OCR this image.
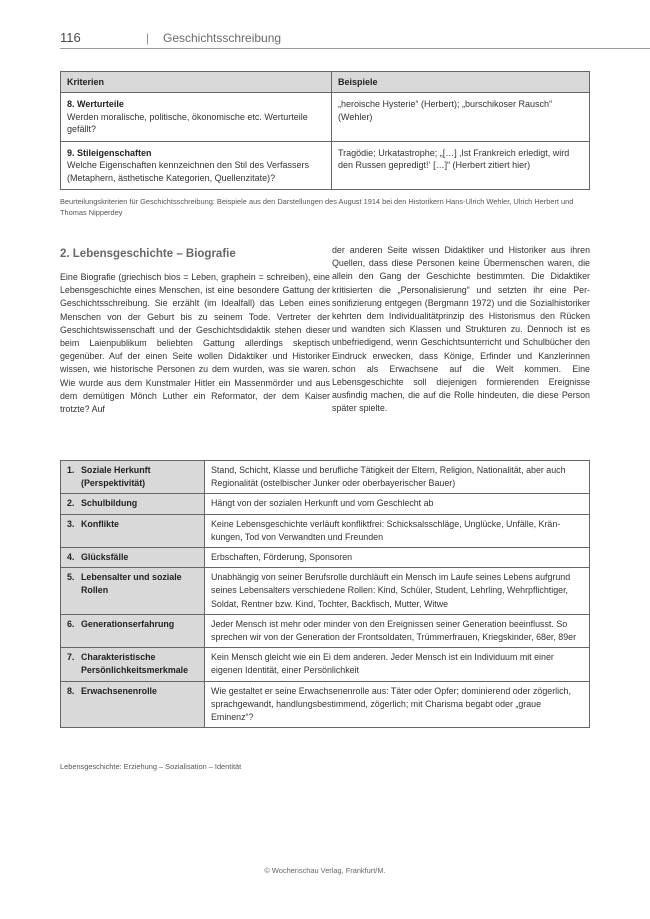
116	| Geschichtsschreibung
Kriterien	Beispiele
8. Werturteile
Werden moralische, politische, ökonomische etc. Werturteile gefällt?	„heroische Hysterie“ (Herbert); „burschikoser Rausch“ (Wehler)
9. Stileigenschaften
Welche Eigenschaften kennzeichnen den Stil des Verfassers (Metaphern, ästhetische Kategorien, Quellenzitate)?	Tragödie; Urkatastrophe; „[…] ‚Ist Frankreich erledigt, wird den Russen gepredigt!‘ […]“ (Herbert zitiert hier)
Beurteilungskriterien für Geschichtsschreibung: Beispiele aus den Darstellungen des August 1914 bei den Historikern Hans-Ulrich Wehler, Ulrich Herbert und Thomas Nipperdey
2. Lebensgeschichte – Biografie
Eine Biografie (griechisch bios = Leben, graphein = schreiben), eine Lebensgeschichte eines Menschen, ist eine besondere Gattung der Geschichtsschreibung. Sie erzählt (im Idealfall) das Leben eines Menschen von der Geburt bis zu seinem Tode. Vertreter der Geschichtswissenschaft und der Geschichtsdidaktik stehen dieser beim Laienpublikum beliebten Gattung allerdings skeptisch gegenüber. Auf der einen Seite wollen Didaktiker und Historiker wissen, wie historische Personen zu dem wurden, was sie waren. Wie wurde aus dem Kunstmaler Hitler ein Massenmörder und aus dem demütigen Mönch Luther ein Reformator, der dem Kaiser trotzte? Auf
der anderen Seite wissen Didaktiker und Historiker aus ihren Quellen, dass diese Personen keine Übermenschen waren, die allein den Gang der Geschichte bestimmten. Die Didaktiker kritisierten die „Personalisierung“ und setzten ihr eine Personifizierung entgegen (Bergmann 1972) und die Sozialhistoriker kehrten dem Individualitätprinzip des Historismus den Rücken und wandten sich Klassen und Strukturen zu. Dennoch ist es unbefriedigend, wenn Geschichtsunterricht und Schulbücher den Eindruck erwecken, dass Könige, Erfinder und Kanzlerinnen schon als Erwachsene auf die Welt kommen. Eine Lebensgeschichte soll diejenigen formierenden Ereignisse ausfindig machen, die auf die Rolle hindeuten, die diese Person später spielte.
1. Soziale Herkunft
(Perspektivität)	Stand, Schicht, Klasse und berufliche Tätigkeit der Eltern, Religion, Nationalität, aber auch Regionalität (ostelbischer Junker oder oberbayerischer Bauer)
2. Schulbildung	Hängt von der sozialen Herkunft und vom Geschlecht ab
3. Konflikte	Keine Lebensgeschichte verläuft konfliktfrei: Schicksalsschläge, Unglücke, Unfälle, Kränkungen, Tod von Verwandten und Freunden
4. Glücksfälle	Erbschaften, Förderung, Sponsoren
5. Lebensalter und soziale
Rollen	Unabhängig von seiner Berufsrolle durchläuft ein Mensch im Laufe seines Lebens aufgrund seines Lebensalters verschiedene Rollen: Kind, Schüler, Student, Lehrling, Wehrpflichtiger, Soldat, Rentner bzw. Kind, Tochter, Backfisch, Mutter, Witwe
6. Generationserfahrung	Jeder Mensch ist mehr oder minder von den Ereignissen seiner Generation beeinflusst. So sprechen wir von der Generation der Frontsoldaten, Trümmerfrauen, Kriegskinder, 68er, 89er
7. Charakteristische
Persönlichkeitsmerkmale	Kein Mensch gleicht wie ein Ei dem anderen. Jeder Mensch ist ein Individuum mit einer eigenen Identität, einer Persönlichkeit
8. Erwachsenenrolle	Wie gestaltet er seine Erwachsenenrolle aus: Täter oder Opfer; dominierend oder zögerlich, sprachgewandt, handlungsbestimmend, zögerlich; mit Charisma begabt oder „graue Eminenz“?
Lebensgeschichte: Erziehung – Sozialisation – Identität
© Wochenschau Verlag, Frankfurt/M.
